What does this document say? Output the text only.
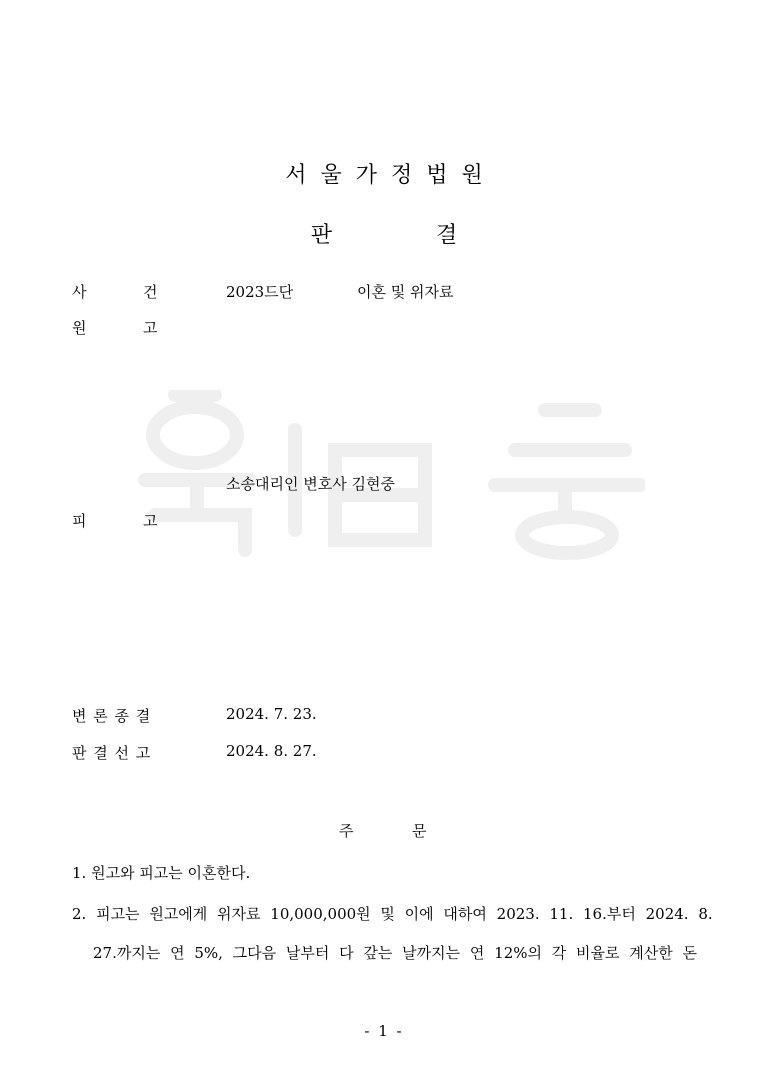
서울가정법원
판	결
사	건	2023드단	이혼 및 위자료
원	고
소송대리인 변호사 김현중
피	고
변 론 종 결	2024. 7. 23.
판 결 선 고	2024. 8. 27.
주	문
1. 원고와 피고는 이혼한다.
2. 피고는 원고에게 위자료 10,000,000원 및 이에 대하여 2023. 11. 16.부터 2024. 8.
27.까지는 연 5%, 그다음 날부터 다 갚는 날까지는 연 12%의 각 비율로 계산한 돈
- 1 -
